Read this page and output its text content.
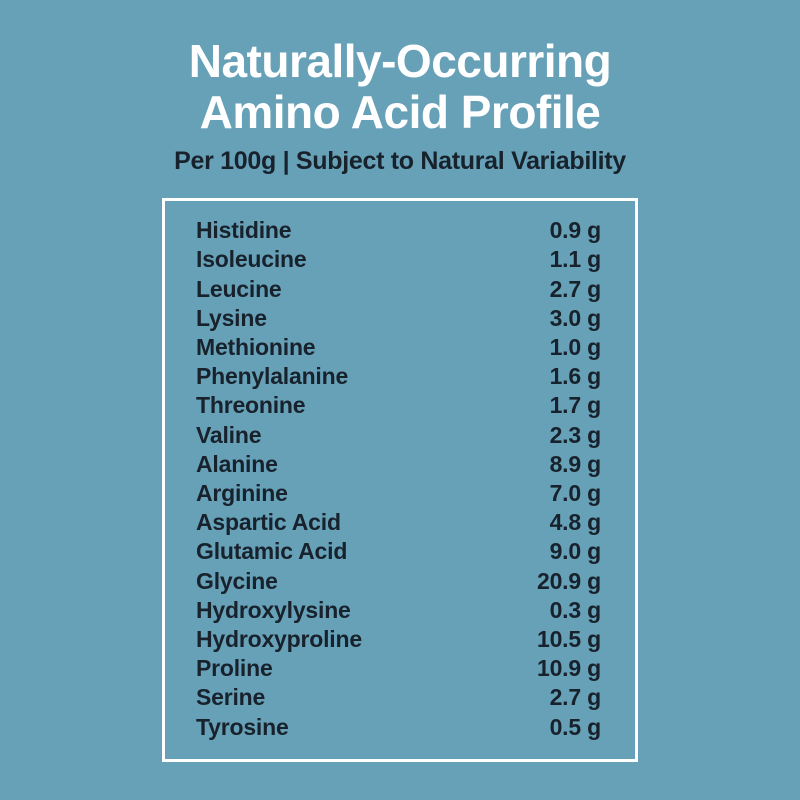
Naturally-Occurring
Amino Acid Profile

Per 100g | Subject to Natural Variability

Histidine	0.9 g
Isoleucine	1.1 g
Leucine	2.7 g
Lysine	3.0 g
Methionine	1.0 g
Phenylalanine	1.6 g
Threonine	1.7 g
Valine	2.3 g
Alanine	8.9 g
Arginine	7.0 g
Aspartic Acid	4.8 g
Glutamic Acid	9.0 g
Glycine	20.9 g
Hydroxylysine	0.3 g
Hydroxyproline	10.5 g
Proline	10.9 g
Serine	2.7 g
Tyrosine	0.5 g
